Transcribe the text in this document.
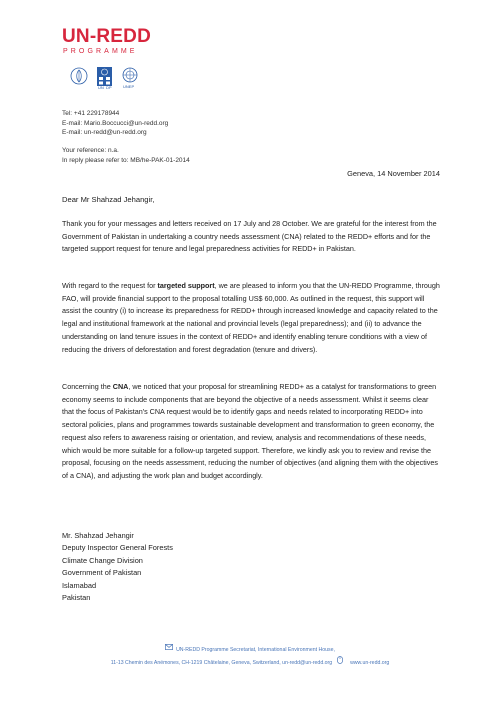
UN-REDD
PROGRAMME
UN DP	UNEP
Tel: +41 229178944
E-mail: Mario.Boccucci@un-redd.org
E-mail: un-redd@un-redd.org
Your reference: n.a.
In reply please refer to: MB/he-PAK-01-2014
Geneva, 14 November 2014
Dear Mr Shahzad Jehangir,

Thank you for your messages and letters received on 17 July and 28 October. We are grateful for the interest from the Government of Pakistan in undertaking a country needs assessment (CNA) related to the REDD+ efforts and for the targeted support request for tenure and legal preparedness activities for REDD+ in Pakistan.

With regard to the request for targeted support, we are pleased to inform you that the UN-REDD Programme, through FAO, will provide financial support to the proposal totalling US$ 60,000. As outlined in the request, this support will assist the country (i) to increase its preparedness for REDD+ through increased knowledge and capacity related to the legal and institutional framework at the national and provincial levels (legal preparedness); and (ii) to advance the understanding on land tenure issues in the context of REDD+ and identify enabling tenure conditions with a view of reducing the drivers of deforestation and forest degradation (tenure and drivers).

Concerning the CNA, we noticed that your proposal for streamlining REDD+ as a catalyst for transformations to green economy seems to include components that are beyond the objective of a needs assessment. Whilst it seems clear that the focus of Pakistan's CNA request would be to identify gaps and needs related to incorporating REDD+ into sectoral policies, plans and programmes towards sustainable development and transformation to green economy, the request also refers to awareness raising or orientation, and review, analysis and recommendations of these needs, which would be more suitable for a follow-up targeted support. Therefore, we kindly ask you to review and revise the proposal, focusing on the needs assessment, reducing the number of objectives (and aligning them with the objectives of a CNA), and adjusting the work plan and budget accordingly.

Mr. Shahzad Jehangir
Deputy Inspector General Forests
Climate Change Division
Government of Pakistan
Islamabad
Pakistan
UN-REDD Programme Secretariat, International Environment House,
11-13 Chemin des Anémones, CH-1219 Châtelaine, Geneva, Switzerland, un-redd@un-redd.org	www.un-redd.org
